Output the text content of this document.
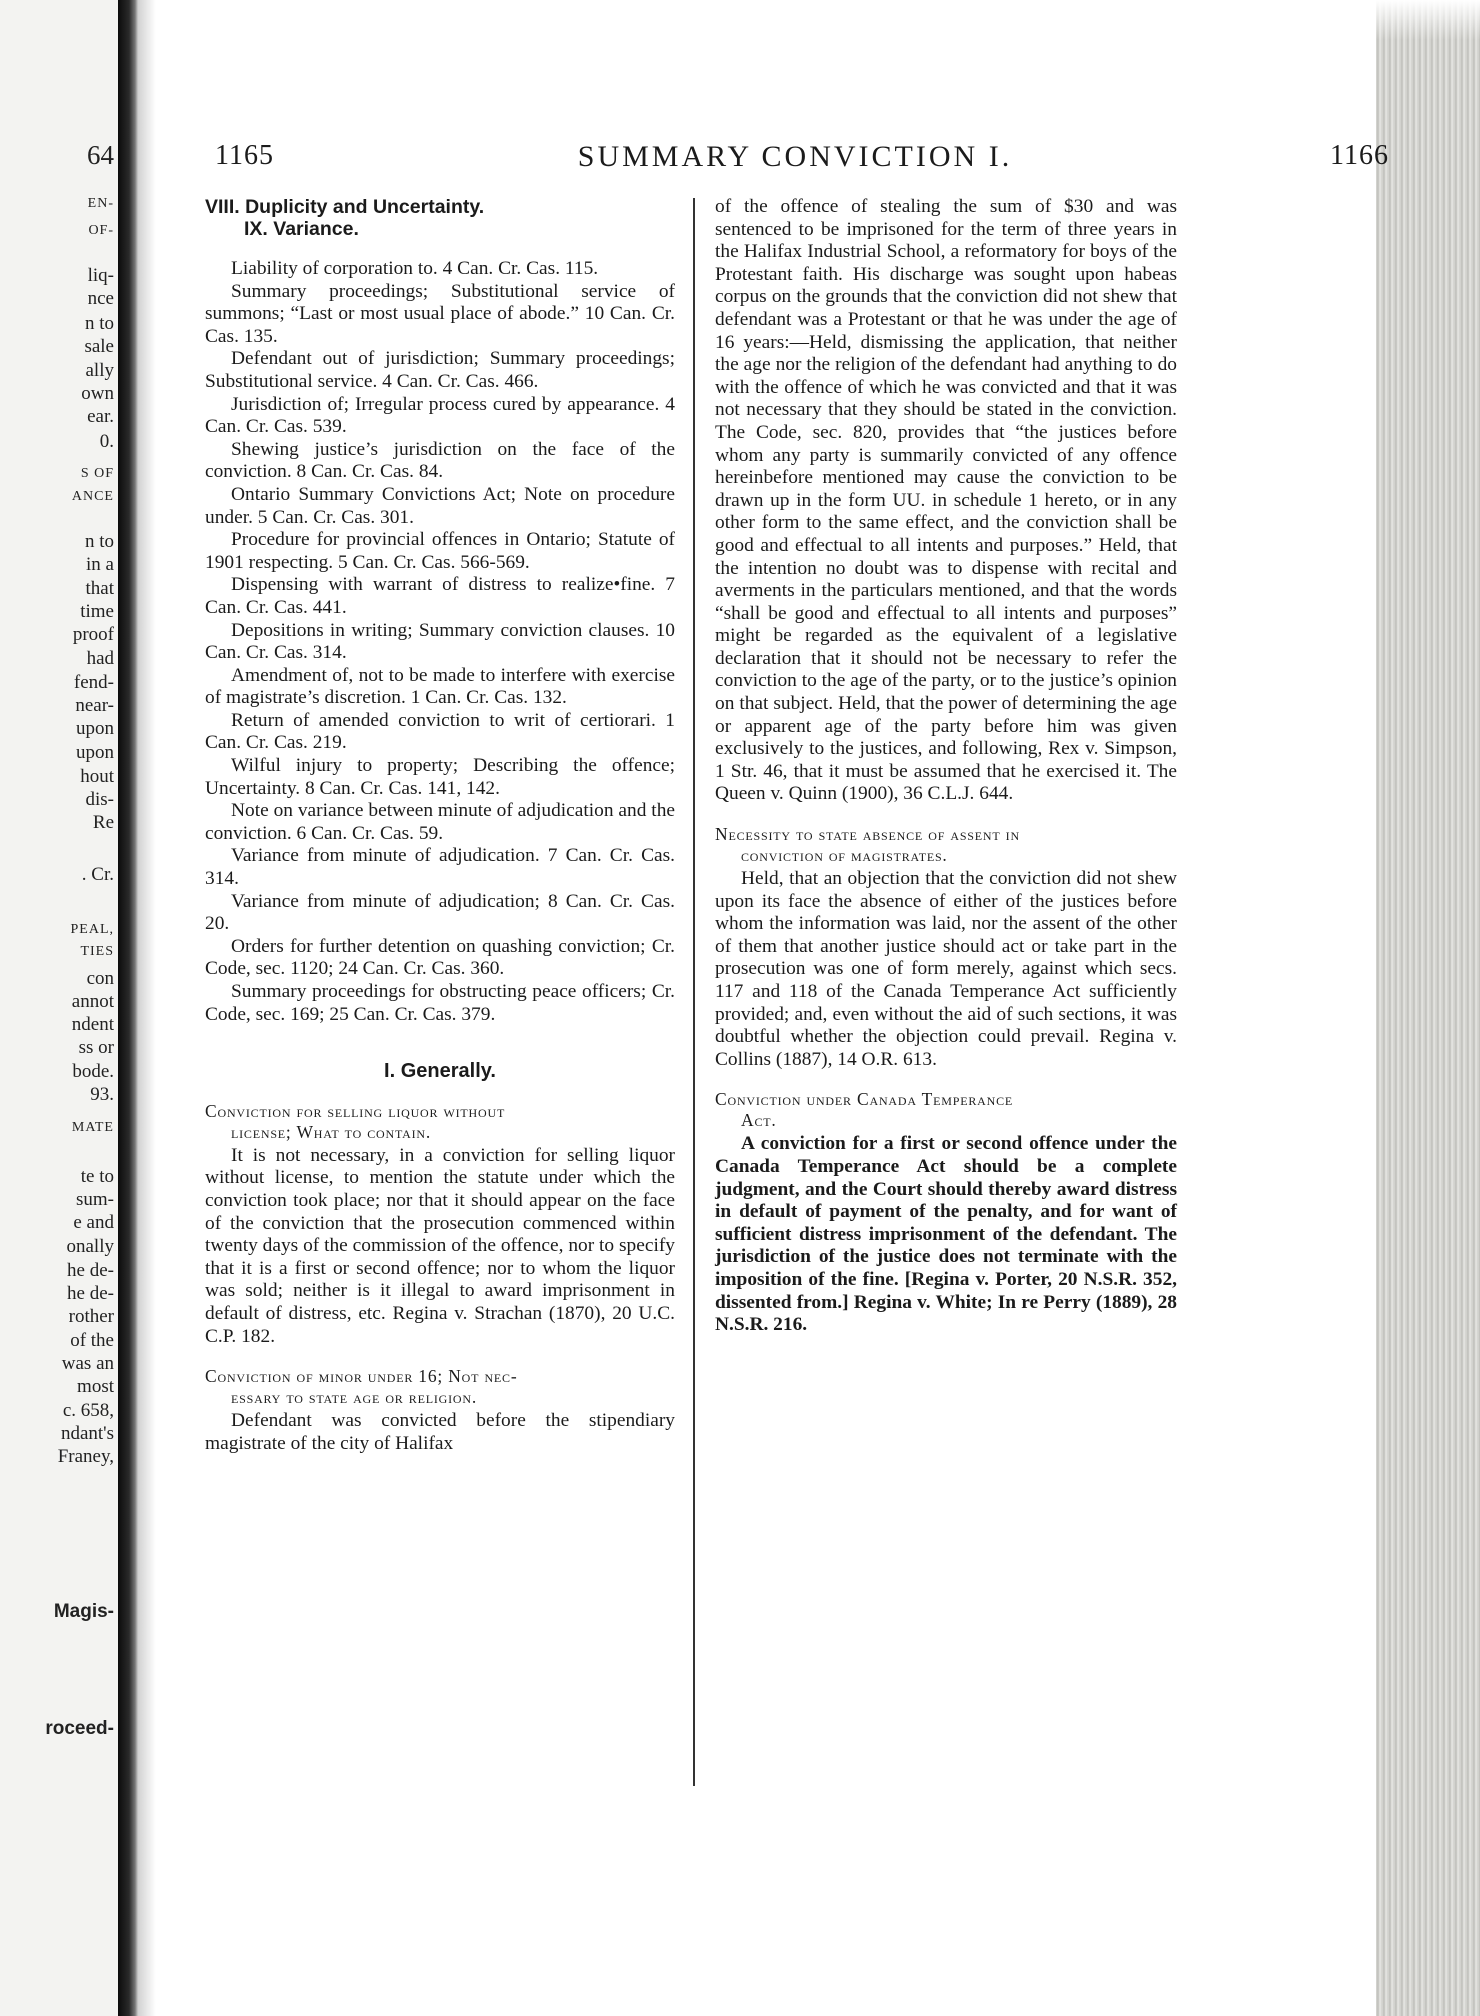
64
EN-
OF-
liq-
nce
n to
sale
ally
own
ear.
0.
S OF
ANCE
n to
in a
that
time
proof
had
fend-
near-
upon
upon
hout
dis-
Re
. Cr.
PEAL,
TIES
con
annot
ndent
ss or
bode.
93.
MATE
te to
sum-
e and
onally
he de-
he de-
rother
of the
was an
most
c. 658,
ndant's
Franey,
Magis-
roceed-
1165	SUMMARY CONVICTION I.	1166

VIII. Duplicity and Uncertainty.

IX. Variance.

Liability of corporation to. 4 Can. Cr. Cas. 115.

Summary proceedings; Substitutional service of summons; “Last or most usual place of abode.” 10 Can. Cr. Cas. 135.

Defendant out of jurisdiction; Summary proceedings; Substitutional service. 4 Can. Cr. Cas. 466.

Jurisdiction of; Irregular process cured by appearance. 4 Can. Cr. Cas. 539.

Shewing justice’s jurisdiction on the face of the conviction. 8 Can. Cr. Cas. 84.

Ontario Summary Convictions Act; Note on procedure under. 5 Can. Cr. Cas. 301.

Procedure for provincial offences in Ontario; Statute of 1901 respecting. 5 Can. Cr. Cas. 566-569.

Dispensing with warrant of distress to realize•fine. 7 Can. Cr. Cas. 441.

Depositions in writing; Summary conviction clauses. 10 Can. Cr. Cas. 314.

Amendment of, not to be made to interfere with exercise of magistrate’s discretion. 1 Can. Cr. Cas. 132.

Return of amended conviction to writ of certiorari. 1 Can. Cr. Cas. 219.

Wilful injury to property; Describing the offence; Uncertainty. 8 Can. Cr. Cas. 141, 142.

Note on variance between minute of adjudication and the conviction. 6 Can. Cr. Cas. 59.

Variance from minute of adjudication. 7 Can. Cr. Cas. 314.

Variance from minute of adjudication; 8 Can. Cr. Cas. 20.

Orders for further detention on quashing conviction; Cr. Code, sec. 1120; 24 Can. Cr. Cas. 360.

Summary proceedings for obstructing peace officers; Cr. Code, sec. 169; 25 Can. Cr. Cas. 379.

I. Generally.

Conviction for selling liquor without
license; What to contain.

It is not necessary, in a conviction for selling liquor without license, to mention the statute under which the conviction took place; nor that it should appear on the face of the conviction that the prosecution commenced within twenty days of the commission of the offence, nor to specify that it is a first or second offence; nor to whom the liquor was sold; neither is it illegal to award imprisonment in default of distress, etc. Regina v. Strachan (1870), 20 U.C. C.P. 182.

Conviction of minor under 16; Not nec-
essary to state age or religion.

Defendant was convicted before the stipendiary magistrate of the city of Halifax

of the offence of stealing the sum of $30 and was sentenced to be imprisoned for the term of three years in the Halifax Industrial School, a reformatory for boys of the Protestant faith. His discharge was sought upon habeas corpus on the grounds that the conviction did not shew that defendant was a Protestant or that he was under the age of 16 years:—Held, dismissing the application, that neither the age nor the religion of the defendant had anything to do with the offence of which he was convicted and that it was not necessary that they should be stated in the conviction. The Code, sec. 820, provides that “the justices before whom any party is summarily convicted of any offence hereinbefore mentioned may cause the conviction to be drawn up in the form UU. in schedule 1 hereto, or in any other form to the same effect, and the conviction shall be good and effectual to all intents and purposes.” Held, that the intention no doubt was to dispense with recital and averments in the particulars mentioned, and that the words “shall be good and effectual to all intents and purposes” might be regarded as the equivalent of a legislative declaration that it should not be necessary to refer the conviction to the age of the party, or to the justice’s opinion on that subject. Held, that the power of determining the age or apparent age of the party before him was given exclusively to the justices, and following, Rex v. Simpson, 1 Str. 46, that it must be assumed that he exercised it. The Queen v. Quinn (1900), 36 C.L.J. 644.

Necessity to state absence of assent in
conviction of magistrates.

Held, that an objection that the conviction did not shew upon its face the absence of either of the justices before whom the information was laid, nor the assent of the other of them that another justice should act or take part in the prosecution was one of form merely, against which secs. 117 and 118 of the Canada Temperance Act sufficiently provided; and, even without the aid of such sections, it was doubtful whether the objection could prevail. Regina v. Collins (1887), 14 O.R. 613.

Conviction under Canada Temperance
Act.

A conviction for a first or second offence under the Canada Temperance Act should be a complete judgment, and the Court should thereby award distress in default of payment of the penalty, and for want of sufficient distress imprisonment of the defendant. The jurisdiction of the justice does not terminate with the imposition of the fine. [Regina v. Porter, 20 N.S.R. 352, dissented from.] Regina v. White; In re Perry (1889), 28 N.S.R. 216.
